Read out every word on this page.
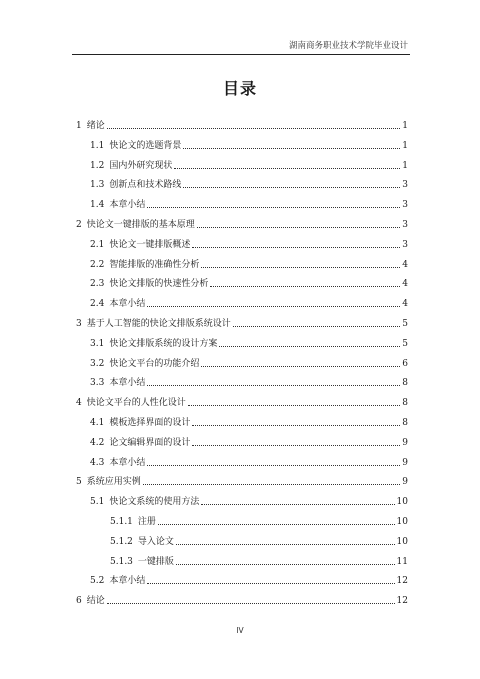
湖南商务职业技术学院毕业设计
目录
1 绪论	1
1.1 快论文的选题背景	1
1.2 国内外研究现状	1
1.3 创新点和技术路线	3
1.4 本章小结	3
2 快论文一键排版的基本原理	3
2.1 快论文一键排版概述	3
2.2 智能排版的准确性分析	4
2.3 快论文排版的快速性分析	4
2.4 本章小结	4
3 基于人工智能的快论文排版系统设计	5
3.1 快论文排版系统的设计方案	5
3.2 快论文平台的功能介绍	6
3.3 本章小结	8
4 快论文平台的人性化设计	8
4.1 模板选择界面的设计	8
4.2 论文编辑界面的设计	9
4.3 本章小结	9
5 系统应用实例	9
5.1 快论文系统的使用方法	10
5.1.1 注册	10
5.1.2 导入论文	10
5.1.3 一键排版	11
5.2 本章小结	12
6 结论	12
IV
